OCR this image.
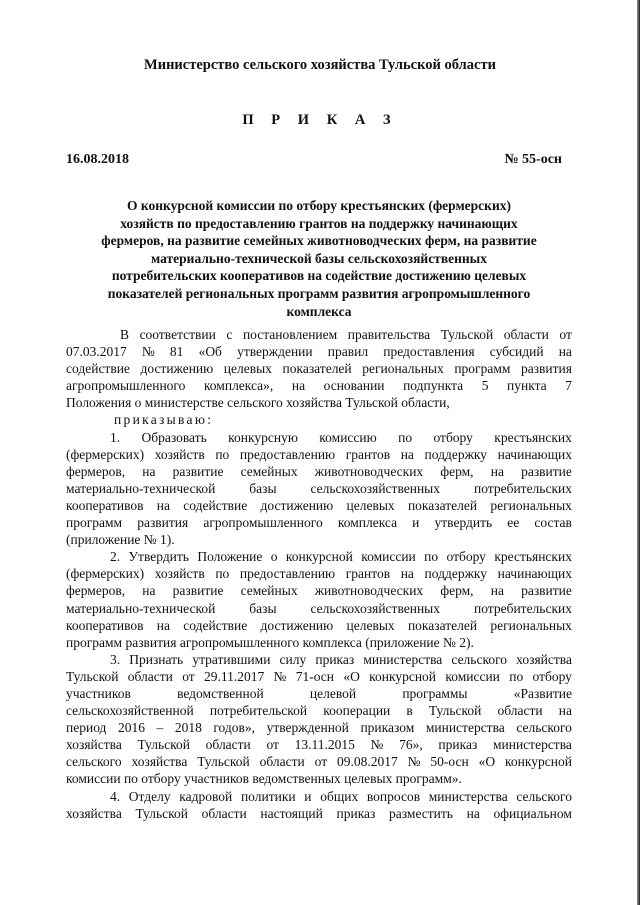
Министерство сельского хозяйства Тульской области
П Р И К А З
16.08.2018	№ 55-осн
О конкурсной комиссии по отбору крестьянских (фермерских)
хозяйств по предоставлению грантов на поддержку начинающих
фермеров, на развитие семейных животноводческих ферм, на развитие
материально-технической базы сельскохозяйственных
потребительских кооперативов на содействие достижению целевых
показателей региональных программ развития агропромышленного
комплекса
В соответствии с постановлением правительства Тульской области от
07.03.2017 № 81 «Об утверждении правил предоставления субсидий на
содействие достижению целевых показателей региональных программ развития
агропромышленного комплекса», на основании подпункта 5 пункта 7
Положения о министерстве сельского хозяйства Тульской области,
приказываю:
1. Образовать конкурсную комиссию по отбору крестьянских
(фермерских) хозяйств по предоставлению грантов на поддержку начинающих
фермеров, на развитие семейных животноводческих ферм, на развитие
материально-технической	базы	сельскохозяйственных	потребительских
кооперативов на содействие достижению целевых показателей региональных
программ развития агропромышленного комплекса и утвердить ее состав
(приложение № 1).
2. Утвердить Положение о конкурсной комиссии по отбору крестьянских
(фермерских) хозяйств по предоставлению грантов на поддержку начинающих
фермеров, на развитие семейных животноводческих ферм, на развитие
материально-технической	базы	сельскохозяйственных	потребительских
кооперативов на содействие достижению целевых показателей региональных
программ развития агропромышленного комплекса (приложение № 2).
3. Признать утратившими силу приказ министерства сельского хозяйства
Тульской области от 29.11.2017 № 71-осн «О конкурсной комиссии по отбору
участников	ведомственной	целевой	программы	«Развитие
сельскохозяйственной потребительской кооперации в Тульской области на
период 2016 – 2018 годов», утвержденной приказом министерства сельского
хозяйства Тульской области от 13.11.2015 № 76», приказ министерства
сельского хозяйства Тульской области от 09.08.2017 № 50-осн «О конкурсной
комиссии по отбору участников ведомственных целевых программ».
4. Отделу кадровой политики и общих вопросов министерства сельского
хозяйства Тульской области настоящий приказ разместить на официальном
